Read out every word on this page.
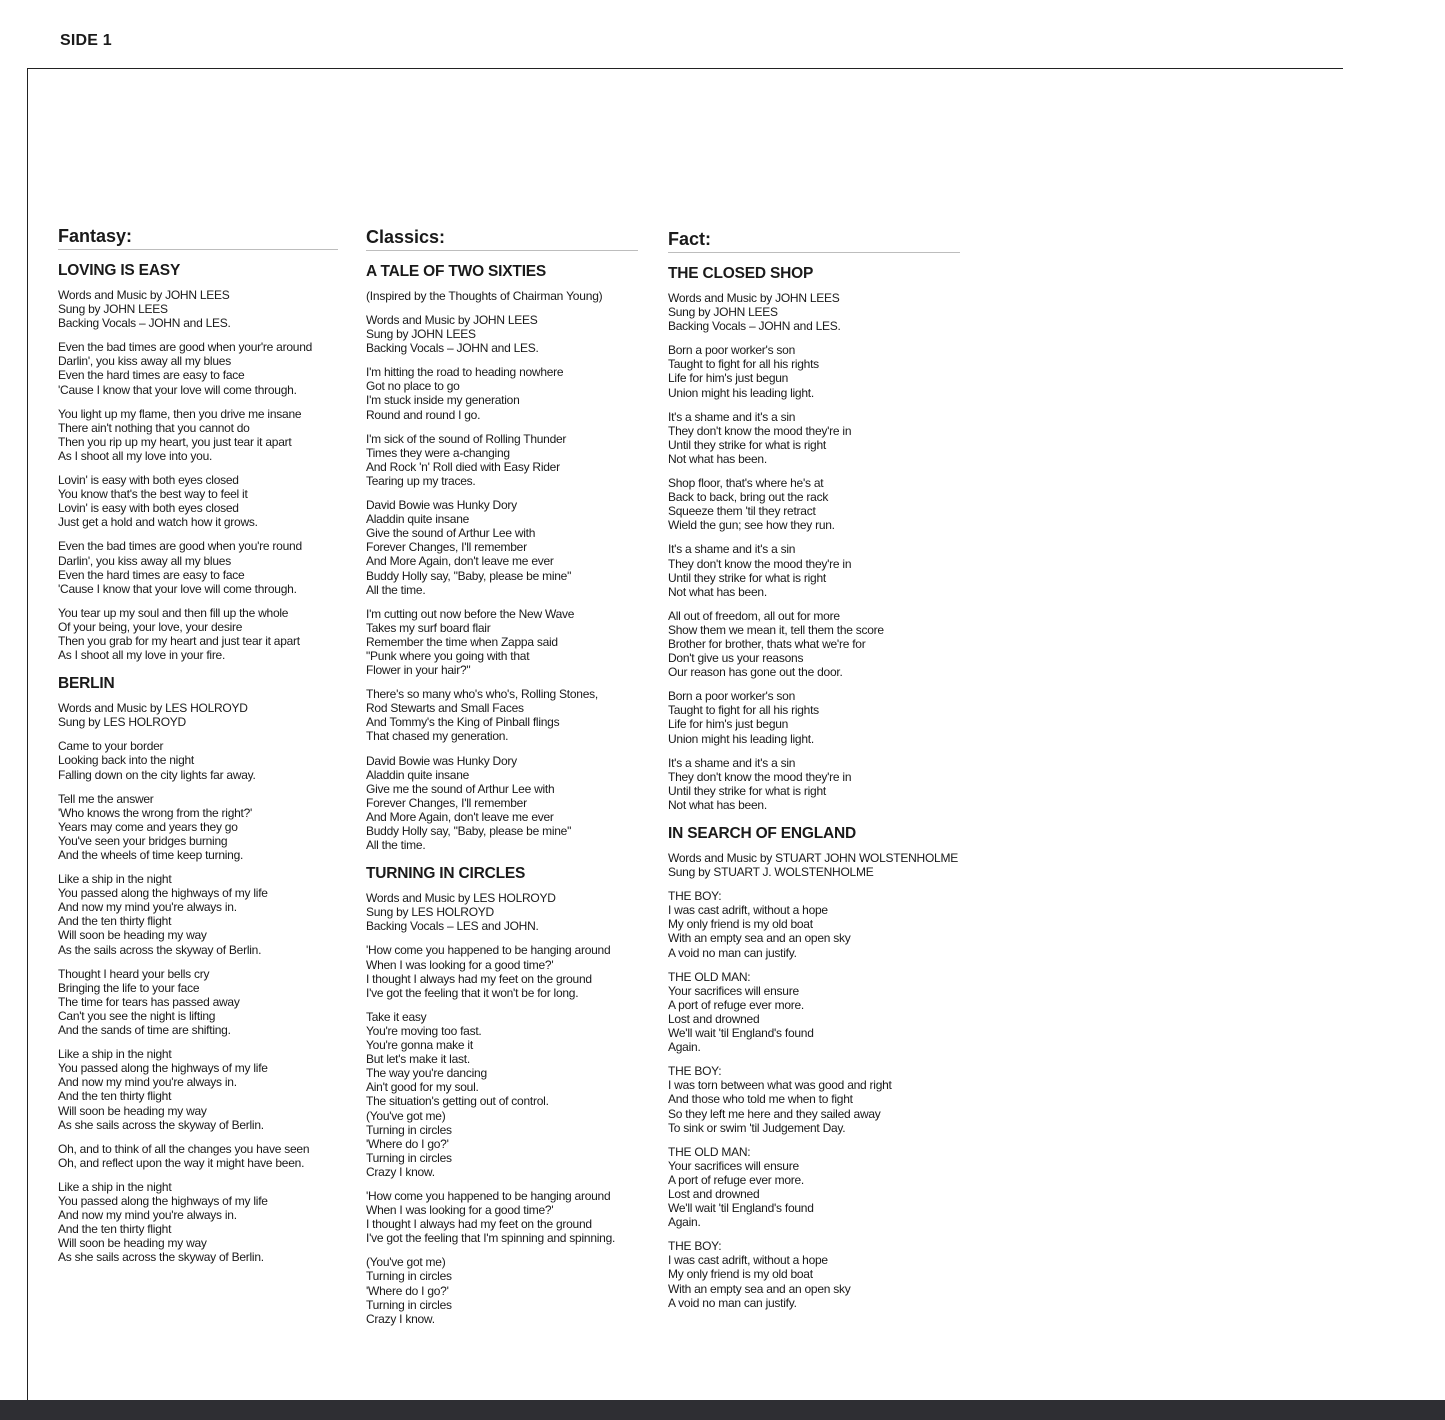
SIDE 1
Fantasy:
LOVING IS EASY
Words and Music by JOHN LEES
Sung by JOHN LEES
Backing Vocals – JOHN and LES.
Even the bad times are good when your're around
Darlin', you kiss away all my blues
Even the hard times are easy to face
'Cause I know that your love will come through.
You light up my flame, then you drive me insane
There ain't nothing that you cannot do
Then you rip up my heart, you just tear it apart
As I shoot all my love into you.
Lovin' is easy with both eyes closed
You know that's the best way to feel it
Lovin' is easy with both eyes closed
Just get a hold and watch how it grows.
Even the bad times are good when you're round
Darlin', you kiss away all my blues
Even the hard times are easy to face
'Cause I know that your love will come through.
You tear up my soul and then fill up the whole
Of your being, your love, your desire
Then you grab for my heart and just tear it apart
As I shoot all my love in your fire.
BERLIN
Words and Music by LES HOLROYD
Sung by LES HOLROYD
Came to your border
Looking back into the night
Falling down on the city lights far away.
Tell me the answer
'Who knows the wrong from the right?'
Years may come and years they go
You've seen your bridges burning
And the wheels of time keep turning.
Like a ship in the night
You passed along the highways of my life
And now my mind you're always in.
And the ten thirty flight
Will soon be heading my way
As the sails across the skyway of Berlin.
Thought I heard your bells cry
Bringing the life to your face
The time for tears has passed away
Can't you see the night is lifting
And the sands of time are shifting.
Like a ship in the night
You passed along the highways of my life
And now my mind you're always in.
And the ten thirty flight
Will soon be heading my way
As she sails across the skyway of Berlin.
Oh, and to think of all the changes you have seen
Oh, and reflect upon the way it might have been.
Like a ship in the night
You passed along the highways of my life
And now my mind you're always in.
And the ten thirty flight
Will soon be heading my way
As she sails across the skyway of Berlin.
Classics:
A TALE OF TWO SIXTIES
(Inspired by the Thoughts of Chairman Young)
Words and Music by JOHN LEES
Sung by JOHN LEES
Backing Vocals – JOHN and LES.
I'm hitting the road to heading nowhere
Got no place to go
I'm stuck inside my generation
Round and round I go.
I'm sick of the sound of Rolling Thunder
Times they were a-changing
And Rock 'n' Roll died with Easy Rider
Tearing up my traces.
David Bowie was Hunky Dory
Aladdin quite insane
Give the sound of Arthur Lee with
Forever Changes, I'll remember
And More Again, don't leave me ever
Buddy Holly say, "Baby, please be mine"
All the time.
I'm cutting out now before the New Wave
Takes my surf board flair
Remember the time when Zappa said
"Punk where you going with that
Flower in your hair?"
There's so many who's who's, Rolling Stones,
Rod Stewarts and Small Faces
And Tommy's the King of Pinball flings
That chased my generation.
David Bowie was Hunky Dory
Aladdin quite insane
Give me the sound of Arthur Lee with
Forever Changes, I'll remember
And More Again, don't leave me ever
Buddy Holly say, "Baby, please be mine"
All the time.
TURNING IN CIRCLES
Words and Music by LES HOLROYD
Sung by LES HOLROYD
Backing Vocals – LES and JOHN.
'How come you happened to be hanging around
When I was looking for a good time?'
I thought I always had my feet on the ground
I've got the feeling that it won't be for long.
Take it easy
You're moving too fast.
You're gonna make it
But let's make it last.
The way you're dancing
Ain't good for my soul.
The situation's getting out of control.
(You've got me)
Turning in circles
'Where do I go?'
Turning in circles
Crazy I know.
'How come you happened to be hanging around
When I was looking for a good time?'
I thought I always had my feet on the ground
I've got the feeling that I'm spinning and spinning.
(You've got me)
Turning in circles
'Where do I go?'
Turning in circles
Crazy I know.
Fact:
THE CLOSED SHOP
Words and Music by JOHN LEES
Sung by JOHN LEES
Backing Vocals – JOHN and LES.
Born a poor worker's son
Taught to fight for all his rights
Life for him's just begun
Union might his leading light.
It's a shame and it's a sin
They don't know the mood they're in
Until they strike for what is right
Not what has been.
Shop floor, that's where he's at
Back to back, bring out the rack
Squeeze them 'til they retract
Wield the gun; see how they run.
It's a shame and it's a sin
They don't know the mood they're in
Until they strike for what is right
Not what has been.
All out of freedom, all out for more
Show them we mean it, tell them the score
Brother for brother, thats what we're for
Don't give us your reasons
Our reason has gone out the door.
Born a poor worker's son
Taught to fight for all his rights
Life for him's just begun
Union might his leading light.
It's a shame and it's a sin
They don't know the mood they're in
Until they strike for what is right
Not what has been.
IN SEARCH OF ENGLAND
Words and Music by STUART JOHN WOLSTENHOLME
Sung by STUART J. WOLSTENHOLME
THE BOY:
I was cast adrift, without a hope
My only friend is my old boat
With an empty sea and an open sky
A void no man can justify.
THE OLD MAN:
Your sacrifices will ensure
A port of refuge ever more.
Lost and drowned
We'll wait 'til England's found
Again.
THE BOY:
I was torn between what was good and right
And those who told me when to fight
So they left me here and they sailed away
To sink or swim 'til Judgement Day.
THE OLD MAN:
Your sacrifices will ensure
A port of refuge ever more.
Lost and drowned
We'll wait 'til England's found
Again.
THE BOY:
I was cast adrift, without a hope
My only friend is my old boat
With an empty sea and an open sky
A void no man can justify.
